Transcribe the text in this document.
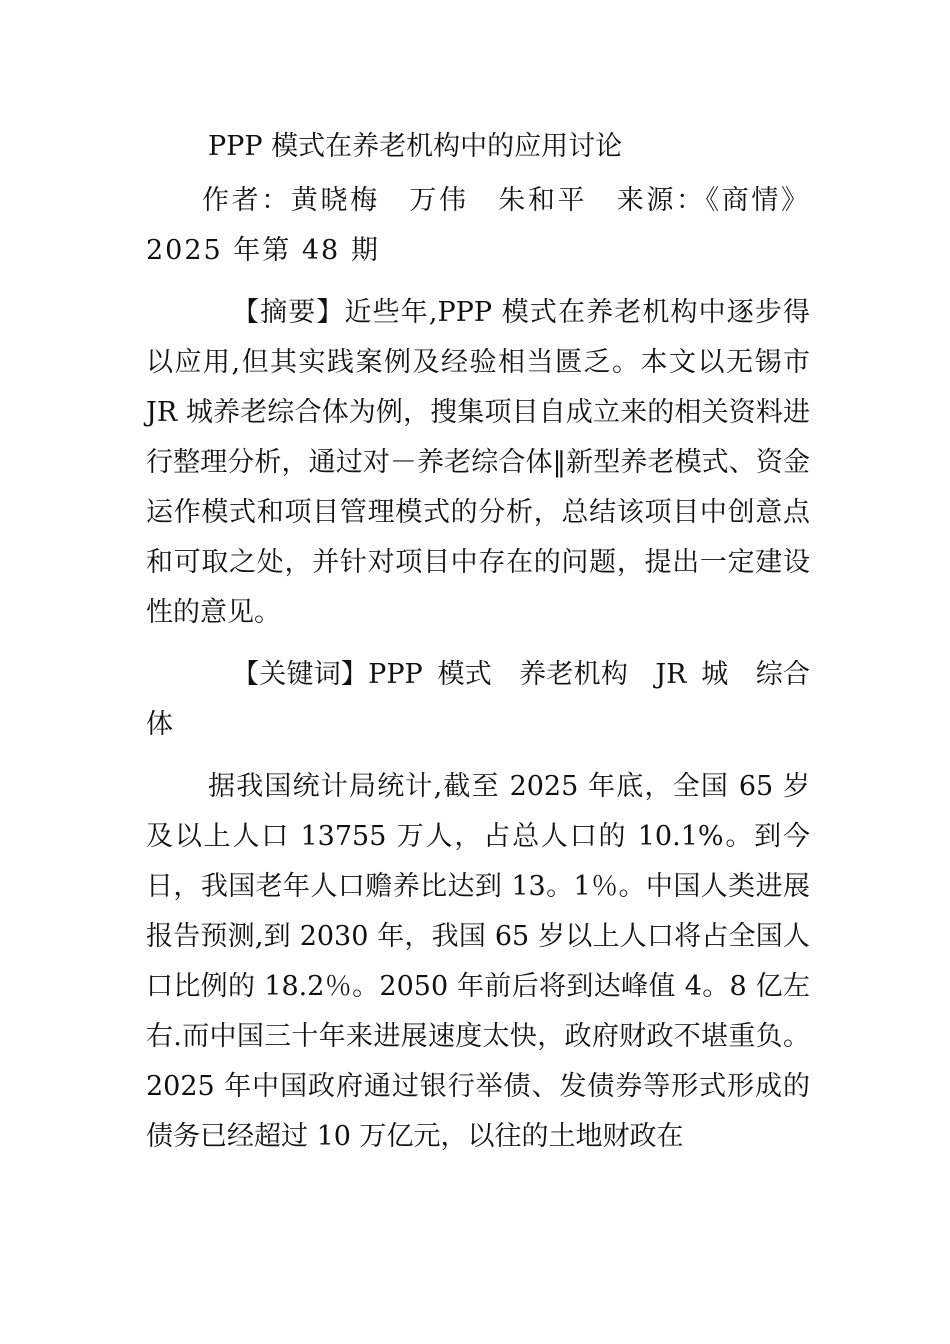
PPP 模式在养老机构中的应用讨论

作者：黄晓梅　万伟　朱和平　来源：《商情》2025 年第 48 期

【摘要】近些年,PPP 模式在养老机构中逐步得以应用,但其实践案例及经验相当匮乏。本文以无锡市 JR 城养老综合体为例，搜集项目自成立来的相关资料进行整理分析，通过对－养老综合体‖新型养老模式、资金运作模式和项目管理模式的分析，总结该项目中创意点和可取之处，并针对项目中存在的问题，提出一定建设性的意见。

【关键词】PPP 模式　养老机构　JR 城　综合体

据我国统计局统计,截至 2025 年底，全国 65 岁及以上人口 13755 万人，占总人口的 10.1%。到今日，我国老年人口赡养比达到 13。1％。中国人类进展报告预测,到 2030 年，我国 65 岁以上人口将占全国人口比例的 18.2％。2050 年前后将到达峰值 4。8 亿左右.而中国三十年来进展速度太快，政府财政不堪重负。2025 年中国政府通过银行举债、发债券等形式形成的债务已经超过 10 万亿元，以往的土地财政在
